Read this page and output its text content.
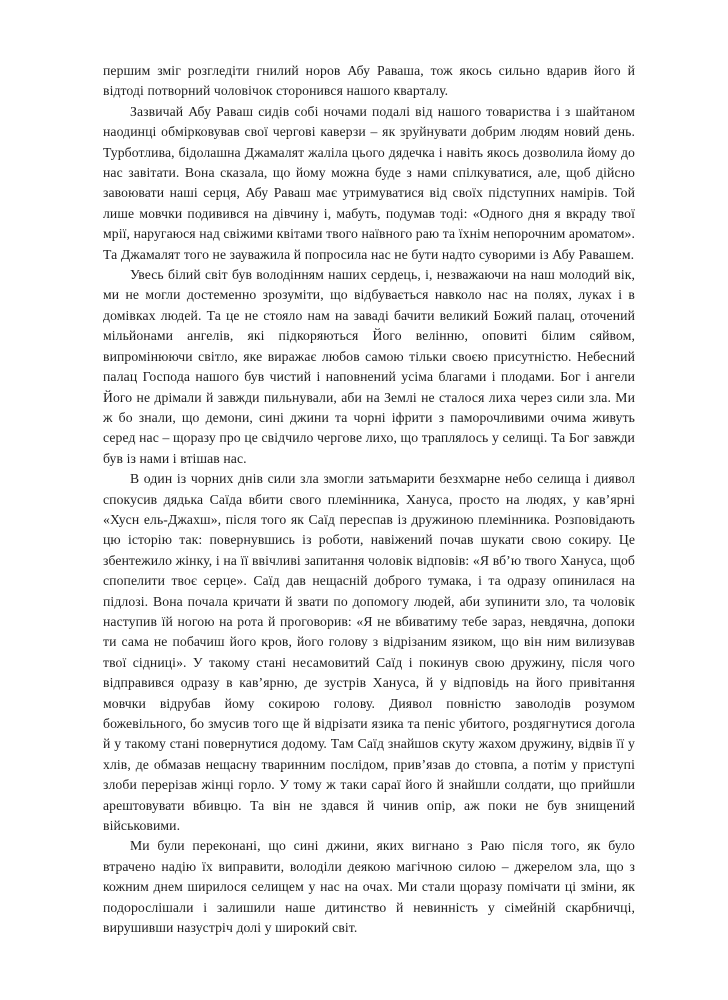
першим зміг розгледіти гнилий норов Абу Раваша, тож якось сильно вдарив його й відтоді потворний чоловічок сторонився нашого кварталу.

Зазвичай Абу Раваш сидів собі ночами подалі від нашого товариства і з шайтаном наодинці обмірковував свої чергові каверзи – як зруйнувати добрим людям новий день. Турботлива, бідолашна Джамалят жаліла цього дядечка і навіть якось дозволила йому до нас завітати. Вона сказала, що йому можна буде з нами спілкуватися, але, щоб дійсно завоювати наші серця, Абу Раваш має утримуватися від своїх підступних намірів. Той лише мовчки подивився на дівчину і, мабуть, подумав тоді: «Одного дня я вкраду твої мрії, наругаюся над свіжими квітами твого наївного раю та їхнім непорочним ароматом». Та Джамалят того не зауважила й попросила нас не бути надто суворими із Абу Равашем.

Увесь білий світ був володінням наших сердець, і, незважаючи на наш молодий вік, ми не могли достеменно зрозуміти, що відбувається навколо нас на полях, луках і в домівках людей. Та це не стояло нам на заваді бачити великий Божий палац, оточений мільйонами ангелів, які підкоряються Його велінню, оповиті білим сяйвом, випромінюючи світло, яке виражає любов самою тільки своєю присутністю. Небесний палац Господа нашого був чистий і наповнений усіма благами і плодами. Бог і ангели Його не дрімали й завжди пильнували, аби на Землі не сталося лиха через сили зла. Ми ж бо знали, що демони, сині джини та чорні іфрити з паморочливими очима живуть серед нас – щоразу про це свідчило чергове лихо, що траплялось у селищі. Та Бог завжди був із нами і втішав нас.

В один із чорних днів сили зла змогли затьмарити безхмарне небо селища і диявол спокусив дядька Саїда вбити свого племінника, Хануса, просто на людях, у кав’ярні «Хусн ель-Джахш», після того як Саїд переспав із дружиною племінника. Розповідають цю історію так: повернувшись із роботи, навіжений почав шукати свою сокиру. Це збентежило жінку, і на її ввічливі запитання чоловік відповів: «Я вб’ю твого Хануса, щоб спопелити твоє серце». Саїд дав нещасній доброго тумака, і та одразу опинилася на підлозі. Вона почала кричати й звати по допомогу людей, аби зупинити зло, та чоловік наступив їй ногою на рота й проговорив: «Я не вбиватиму тебе зараз, невдячна, допоки ти сама не побачиш його кров, його голову з відрізаним язиком, що він ним вилизував твої сідниці». У такому стані несамовитий Саїд і покинув свою дружину, після чого відправився одразу в кав’ярню, де зустрів Хануса, й у відповідь на його привітання мовчки відрубав йому сокирою голову. Диявол повністю заволодів розумом божевільного, бо змусив того ще й відрізати язика та пеніс убитого, роздягнутися догола й у такому стані повернутися додому. Там Саїд знайшов скуту жахом дружину, відвів її у хлів, де обмазав нещасну тваринним послідом, прив’язав до стовпа, а потім у приступі злоби перерізав жінці горло. У тому ж таки сараї його й знайшли солдати, що прийшли арештовувати вбивцю. Та він не здався й чинив опір, аж поки не був знищений військовими.

Ми були переконані, що сині джини, яких вигнано з Раю після того, як було втрачено надію їх виправити, володіли деякою магічною силою – джерелом зла, що з кожним днем ширилося селищем у нас на очах. Ми стали щоразу помічати ці зміни, як подорослішали і залишили наше дитинство й невинність у сімейній скарбничці, вирушивши назустріч долі у широкий світ.
